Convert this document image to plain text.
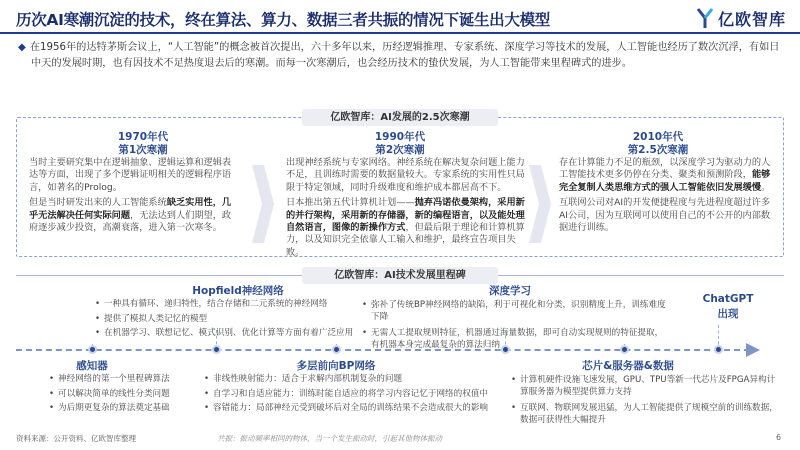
历次AI寒潮沉淀的技术，终在算法、算力、数据三者共振的情况下诞生出大模型	亿欧智库
◆ 在1956年的达特茅斯会议上，“人工智能”的概念被首次提出，六十多年以来，历经逻辑推理、专家系统、深度学习等技术的发展，人工智能也经历了数次沉浮，有如日中天的发展时期，也有因技术不足热度退去后的寒潮。而每一次寒潮后，也会经历技术的蛰伏发展，为人工智能带来里程碑式的进步。
亿欧智库：AI发展的2.5次寒潮
1970年代
第1次寒潮
1990年代
第2次寒潮
2010年代
第2.5次寒潮
当时主要研究集中在逻辑抽象、逻辑运算和逻辑表达等方面，出现了多个逻辑证明相关的逻辑程序语言，如著名的Prolog。
但是当时研发出来的人工智能系统缺乏实用性，几乎无法解决任何实际问题，无法达到人们期望，政府逐步减少投资，高潮衰落，进入第一次寒冬。
出现神经系统与专家网络。神经系统在解决复杂问题上能力不足，且训练时需要的数据量较大。专家系统的实用性只局限于特定领域，同时升级难度和维护成本都居高不下。
日本推出第五代计算机计划——抛弃冯诺依曼架构，采用新的并行架构，采用新的存储器，新的编程语言，以及能处理自然语言，图像的新操作方式，但最后限于理论和计算机算力，以及知识完全依靠人工输入和维护，最终宣告项目失败。
存在计算能力不足的瓶颈，以深度学习为驱动力的人工智能技术更多仍停在分类、聚类和预测阶段，能够完全复制人类思维方式的强人工智能依旧发展缓慢。
互联网公司对AI的开发便捷程度与先进程度超过许多AI公司，因为互联网可以使用自己的不公开的内部数据进行训练。
亿欧智库：AI技术发展里程碑
Hopfield神经网络	深度学习
ChatGPT
出现
• 一种具有循环、递归特性，结合存储和二元系统的神经网络
• 提供了模拟人类记忆的模型
• 在机器学习、联想记忆、模式识别、优化计算等方面有着广泛应用
• 弥补了传统BP神经网络的缺陷，利于可视化和分类，识别精度上升，训练难度下降
• 无需人工提取规则特征，机器通过海量数据，即可自动实现规则的特征提取，有机器本身完成最复杂的算法归纳
感知器	多层前向BP网络	芯片&服务器&数据
• 神经网络的第一个里程碑算法
• 可以解决简单的线性分类问题
• 为后期更复杂的算法奠定基础
• 非线性映射能力：适合于求解内部机制复杂的问题
• 自学习和自适应能力：训练时能自适应的将学习内容记忆于网络的权值中
• 容错能力：局部神经元受到破坏后对全局的训练结果不会造成很大的影响
• 计算机硬件设施飞速发展，GPU、TPU等新一代芯片及FPGA异构计算服务器为模型提供算力支持
• 互联网、物联网发展迅猛，为人工智能提供了规模空前的训练数据，数据可获得性大幅提升
资料来源：公开资料、亿欧智库整理	共振：振动频率相同的物体，当一个发生振动时，引起其他物体振动	6
